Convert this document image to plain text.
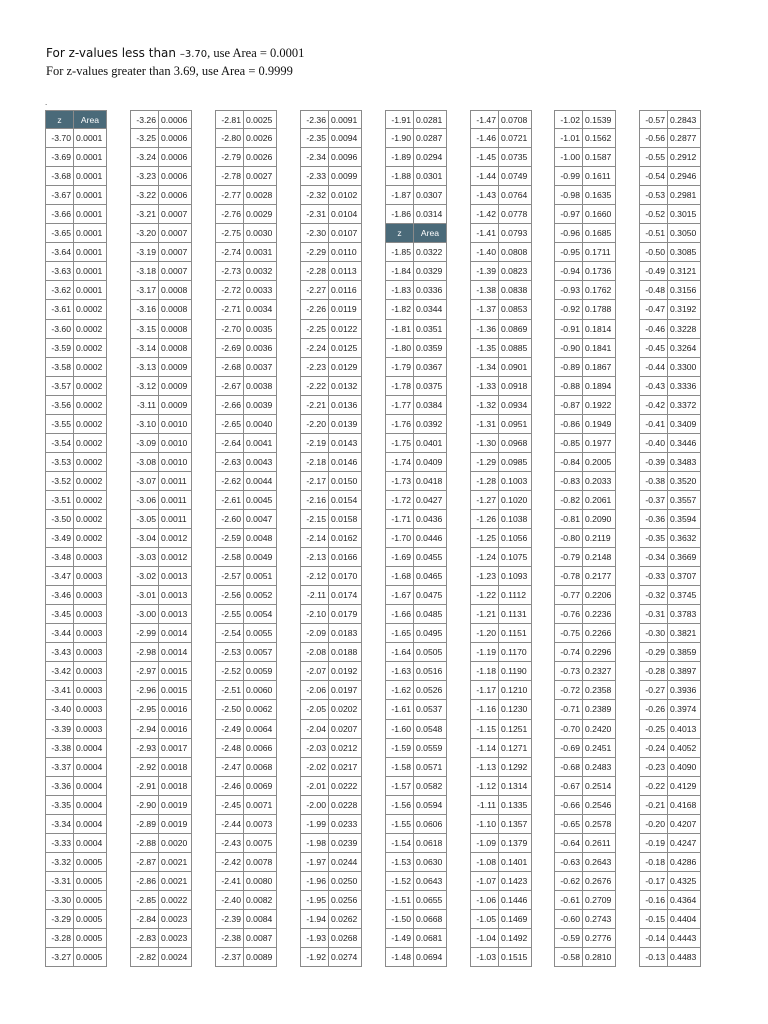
For z-values less than –3.70, use Area = 0.0001
For z-values greater than 3.69, use Area = 0.9999
.
z	Area
-3.70 0.0001
-3.69 0.0001
-3.68 0.0001
-3.67 0.0001
-3.66 0.0001
-3.65 0.0001
-3.64 0.0001
-3.63 0.0001
-3.62 0.0001
-3.61 0.0002
-3.60 0.0002
-3.59 0.0002
-3.58 0.0002
-3.57 0.0002
-3.56 0.0002
-3.55 0.0002
-3.54 0.0002
-3.53 0.0002
-3.52 0.0002
-3.51 0.0002
-3.50 0.0002
-3.49 0.0002
-3.48 0.0003
-3.47 0.0003
-3.46 0.0003
-3.45 0.0003
-3.44 0.0003
-3.43 0.0003
-3.42 0.0003
-3.41 0.0003
-3.40 0.0003
-3.39 0.0003
-3.38 0.0004
-3.37 0.0004
-3.36 0.0004
-3.35 0.0004
-3.34 0.0004
-3.33 0.0004
-3.32 0.0005
-3.31 0.0005
-3.30 0.0005
-3.29 0.0005
-3.28 0.0005
-3.27 0.0005
-3.26 0.0006
-3.25 0.0006
-3.24 0.0006
-3.23 0.0006
-3.22 0.0006
-3.21 0.0007
-3.20 0.0007
-3.19 0.0007
-3.18 0.0007
-3.17 0.0008
-3.16 0.0008
-3.15 0.0008
-3.14 0.0008
-3.13 0.0009
-3.12 0.0009
-3.11 0.0009
-3.10 0.0010
-3.09 0.0010
-3.08 0.0010
-3.07 0.0011
-3.06 0.0011
-3.05 0.0011
-3.04 0.0012
-3.03 0.0012
-3.02 0.0013
-3.01 0.0013
-3.00 0.0013
-2.99 0.0014
-2.98 0.0014
-2.97 0.0015
-2.96 0.0015
-2.95 0.0016
-2.94 0.0016
-2.93 0.0017
-2.92 0.0018
-2.91 0.0018
-2.90 0.0019
-2.89 0.0019
-2.88 0.0020
-2.87 0.0021
-2.86 0.0021
-2.85 0.0022
-2.84 0.0023
-2.83 0.0023
-2.82 0.0024
-2.81 0.0025
-2.80 0.0026
-2.79 0.0026
-2.78 0.0027
-2.77 0.0028
-2.76 0.0029
-2.75 0.0030
-2.74 0.0031
-2.73 0.0032
-2.72 0.0033
-2.71 0.0034
-2.70 0.0035
-2.69 0.0036
-2.68 0.0037
-2.67 0.0038
-2.66 0.0039
-2.65 0.0040
-2.64 0.0041
-2.63 0.0043
-2.62 0.0044
-2.61 0.0045
-2.60 0.0047
-2.59 0.0048
-2.58 0.0049
-2.57 0.0051
-2.56 0.0052
-2.55 0.0054
-2.54 0.0055
-2.53 0.0057
-2.52 0.0059
-2.51 0.0060
-2.50 0.0062
-2.49 0.0064
-2.48 0.0066
-2.47 0.0068
-2.46 0.0069
-2.45 0.0071
-2.44 0.0073
-2.43 0.0075
-2.42 0.0078
-2.41 0.0080
-2.40 0.0082
-2.39 0.0084
-2.38 0.0087
-2.37 0.0089
-2.36 0.0091
-2.35 0.0094
-2.34 0.0096
-2.33 0.0099
-2.32 0.0102
-2.31 0.0104
-2.30 0.0107
-2.29 0.0110
-2.28 0.0113
-2.27 0.0116
-2.26 0.0119
-2.25 0.0122
-2.24 0.0125
-2.23 0.0129
-2.22 0.0132
-2.21 0.0136
-2.20 0.0139
-2.19 0.0143
-2.18 0.0146
-2.17 0.0150
-2.16 0.0154
-2.15 0.0158
-2.14 0.0162
-2.13 0.0166
-2.12 0.0170
-2.11 0.0174
-2.10 0.0179
-2.09 0.0183
-2.08 0.0188
-2.07 0.0192
-2.06 0.0197
-2.05 0.0202
-2.04 0.0207
-2.03 0.0212
-2.02 0.0217
-2.01 0.0222
-2.00 0.0228
-1.99 0.0233
-1.98 0.0239
-1.97 0.0244
-1.96 0.0250
-1.95 0.0256
-1.94 0.0262
-1.93 0.0268
-1.92 0.0274
-1.91 0.0281
-1.90 0.0287
-1.89 0.0294
-1.88 0.0301
-1.87 0.0307
-1.86 0.0314
z	Area
-1.85 0.0322
-1.84 0.0329
-1.83 0.0336
-1.82 0.0344
-1.81 0.0351
-1.80 0.0359
-1.79 0.0367
-1.78 0.0375
-1.77 0.0384
-1.76 0.0392
-1.75 0.0401
-1.74 0.0409
-1.73 0.0418
-1.72 0.0427
-1.71 0.0436
-1.70 0.0446
-1.69 0.0455
-1.68 0.0465
-1.67 0.0475
-1.66 0.0485
-1.65 0.0495
-1.64 0.0505
-1.63 0.0516
-1.62 0.0526
-1.61 0.0537
-1.60 0.0548
-1.59 0.0559
-1.58 0.0571
-1.57 0.0582
-1.56 0.0594
-1.55 0.0606
-1.54 0.0618
-1.53 0.0630
-1.52 0.0643
-1.51 0.0655
-1.50 0.0668
-1.49 0.0681
-1.48 0.0694
-1.47 0.0708
-1.46 0.0721
-1.45 0.0735
-1.44 0.0749
-1.43 0.0764
-1.42 0.0778
-1.41 0.0793
-1.40 0.0808
-1.39 0.0823
-1.38 0.0838
-1.37 0.0853
-1.36 0.0869
-1.35 0.0885
-1.34 0.0901
-1.33 0.0918
-1.32 0.0934
-1.31 0.0951
-1.30 0.0968
-1.29 0.0985
-1.28 0.1003
-1.27 0.1020
-1.26 0.1038
-1.25 0.1056
-1.24 0.1075
-1.23 0.1093
-1.22 0.1112
-1.21 0.1131
-1.20 0.1151
-1.19 0.1170
-1.18 0.1190
-1.17 0.1210
-1.16 0.1230
-1.15 0.1251
-1.14 0.1271
-1.13 0.1292
-1.12 0.1314
-1.11 0.1335
-1.10 0.1357
-1.09 0.1379
-1.08 0.1401
-1.07 0.1423
-1.06 0.1446
-1.05 0.1469
-1.04 0.1492
-1.03 0.1515
-1.02 0.1539
-1.01 0.1562
-1.00 0.1587
-0.99 0.1611
-0.98 0.1635
-0.97 0.1660
-0.96 0.1685
-0.95 0.1711
-0.94 0.1736
-0.93 0.1762
-0.92 0.1788
-0.91 0.1814
-0.90 0.1841
-0.89 0.1867
-0.88 0.1894
-0.87 0.1922
-0.86 0.1949
-0.85 0.1977
-0.84 0.2005
-0.83 0.2033
-0.82 0.2061
-0.81 0.2090
-0.80 0.2119
-0.79 0.2148
-0.78 0.2177
-0.77 0.2206
-0.76 0.2236
-0.75 0.2266
-0.74 0.2296
-0.73 0.2327
-0.72 0.2358
-0.71 0.2389
-0.70 0.2420
-0.69 0.2451
-0.68 0.2483
-0.67 0.2514
-0.66 0.2546
-0.65 0.2578
-0.64 0.2611
-0.63 0.2643
-0.62 0.2676
-0.61 0.2709
-0.60 0.2743
-0.59 0.2776
-0.58 0.2810
-0.57 0.2843
-0.56 0.2877
-0.55 0.2912
-0.54 0.2946
-0.53 0.2981
-0.52 0.3015
-0.51 0.3050
-0.50 0.3085
-0.49 0.3121
-0.48 0.3156
-0.47 0.3192
-0.46 0.3228
-0.45 0.3264
-0.44 0.3300
-0.43 0.3336
-0.42 0.3372
-0.41 0.3409
-0.40 0.3446
-0.39 0.3483
-0.38 0.3520
-0.37 0.3557
-0.36 0.3594
-0.35 0.3632
-0.34 0.3669
-0.33 0.3707
-0.32 0.3745
-0.31 0.3783
-0.30 0.3821
-0.29 0.3859
-0.28 0.3897
-0.27 0.3936
-0.26 0.3974
-0.25 0.4013
-0.24 0.4052
-0.23 0.4090
-0.22 0.4129
-0.21 0.4168
-0.20 0.4207
-0.19 0.4247
-0.18 0.4286
-0.17 0.4325
-0.16 0.4364
-0.15 0.4404
-0.14 0.4443
-0.13 0.4483
